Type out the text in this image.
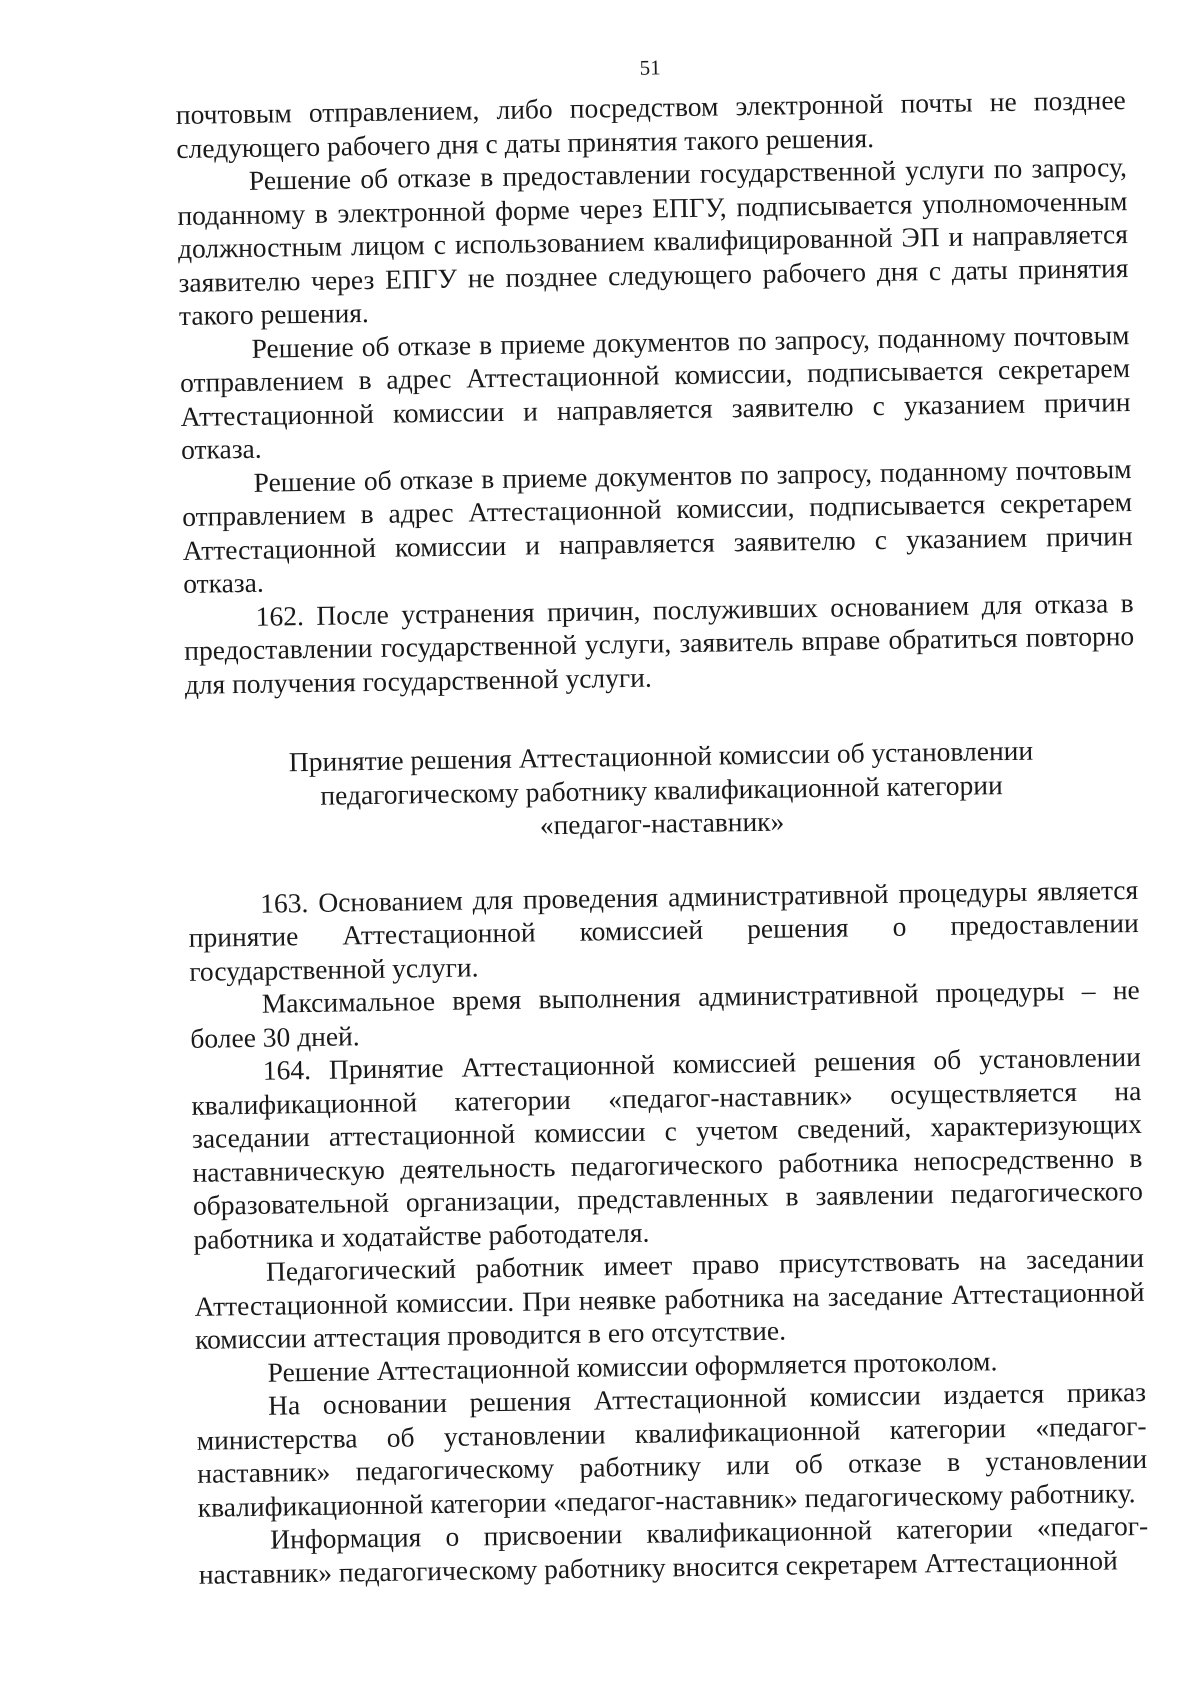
51

почтовым отправлением, либо посредством электронной почты не позднее следующего рабочего дня с даты принятия такого решения.

Решение об отказе в предоставлении государственной услуги по запросу, поданному в электронной форме через ЕПГУ, подписывается уполномоченным должностным лицом с использованием квалифицированной ЭП и направляется заявителю через ЕПГУ не позднее следующего рабочего дня с даты принятия такого решения.

Решение об отказе в приеме документов по запросу, поданному почтовым отправлением в адрес Аттестационной комиссии, подписывается секретарем Аттестационной комиссии и направляется заявителю с указанием причин отказа.

Решение об отказе в приеме документов по запросу, поданному почтовым отправлением в адрес Аттестационной комиссии, подписывается секретарем Аттестационной комиссии и направляется заявителю с указанием причин отказа.

162. После устранения причин, послуживших основанием для отказа в предоставлении государственной услуги, заявитель вправе обратиться повторно для получения государственной услуги.

Принятие решения Аттестационной комиссии об установлении
педагогическому работнику квалификационной категории
«педагог-наставник»

163. Основанием для проведения административной процедуры является принятие Аттестационной комиссией решения о предоставлении государственной услуги.

Максимальное время выполнения административной процедуры – не более 30 дней.

164. Принятие Аттестационной комиссией решения об установлении квалификационной категории «педагог-наставник» осуществляется на заседании аттестационной комиссии с учетом сведений, характеризующих наставническую деятельность педагогического работника непосредственно в образовательной организации, представленных в заявлении педагогического работника и ходатайстве работодателя.

Педагогический работник имеет право присутствовать на заседании Аттестационной комиссии. При неявке работника на заседание Аттестационной комиссии аттестация проводится в его отсутствие.

Решение Аттестационной комиссии оформляется протоколом.

На основании решения Аттестационной комиссии издается приказ министерства об установлении квалификационной категории «педагог-наставник» педагогическому работнику или об отказе в установлении квалификационной категории «педагог-наставник» педагогическому работнику.

Информация о присвоении квалификационной категории «педагог-наставник» педагогическому работнику вносится секретарем Аттестационной
